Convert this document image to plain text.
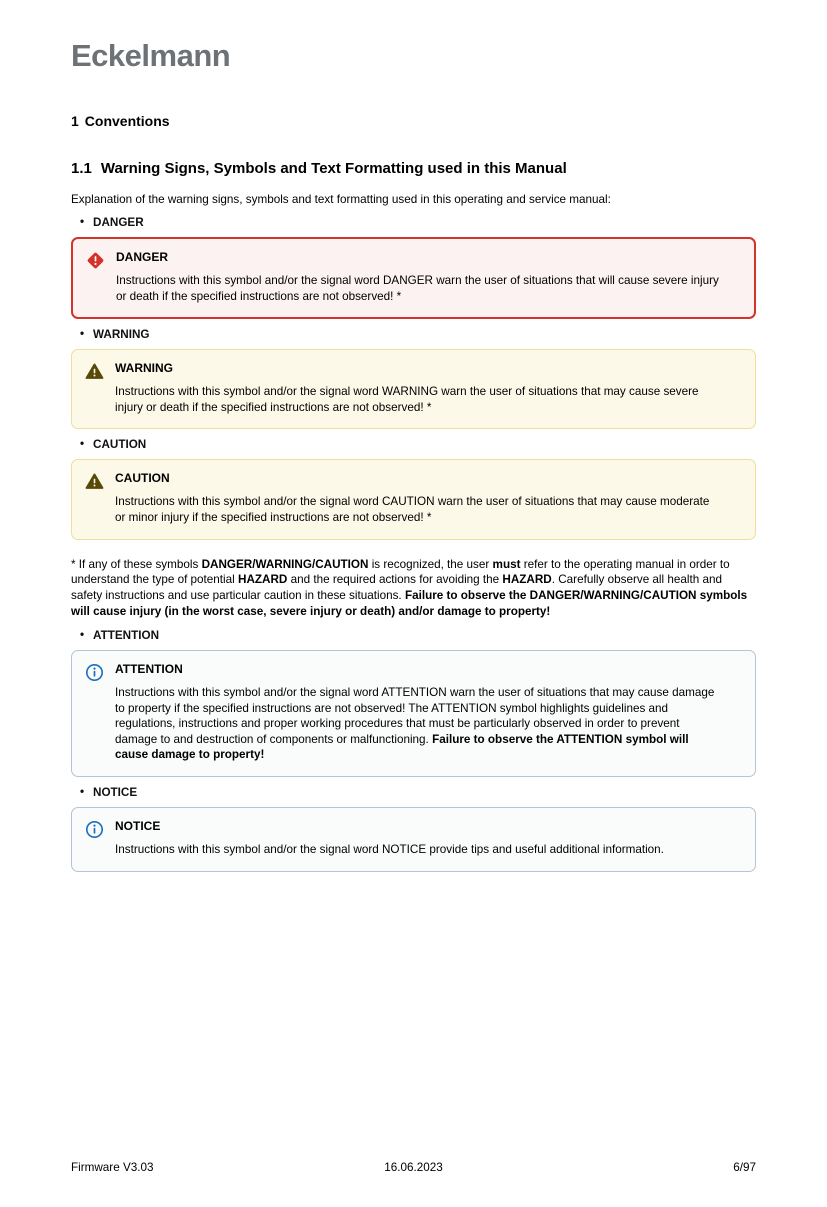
Eckelmann
1 Conventions
1.1 Warning Signs, Symbols and Text Formatting used in this Manual
Explanation of the warning signs, symbols and text formatting used in this operating and service manual:
• DANGER
DANGER
Instructions with this symbol and/or the signal word DANGER warn the user of situations that will cause severe injury or death if the specified instructions are not observed! *
• WARNING
WARNING
Instructions with this symbol and/or the signal word WARNING warn the user of situations that may cause severe injury or death if the specified instructions are not observed! *
• CAUTION
CAUTION
Instructions with this symbol and/or the signal word CAUTION warn the user of situations that may cause moderate or minor injury if the specified instructions are not observed! *
* If any of these symbols DANGER/WARNING/CAUTION is recognized, the user must refer to the operating manual in order to understand the type of potential HAZARD and the required actions for avoiding the HAZARD. Carefully observe all health and safety instructions and use particular caution in these situations. Failure to observe the DANGER/WARNING/CAUTION symbols will cause injury (in the worst case, severe injury or death) and/or damage to property!
• ATTENTION
ATTENTION
Instructions with this symbol and/or the signal word ATTENTION warn the user of situations that may cause damage to property if the specified instructions are not observed! The ATTENTION symbol highlights guidelines and regulations, instructions and proper working procedures that must be particularly observed in order to prevent damage to and destruction of components or malfunctioning. Failure to observe the ATTENTION symbol will cause damage to property!
• NOTICE
NOTICE
Instructions with this symbol and/or the signal word NOTICE provide tips and useful additional information.
Firmware V3.03	16.06.2023	6/97
